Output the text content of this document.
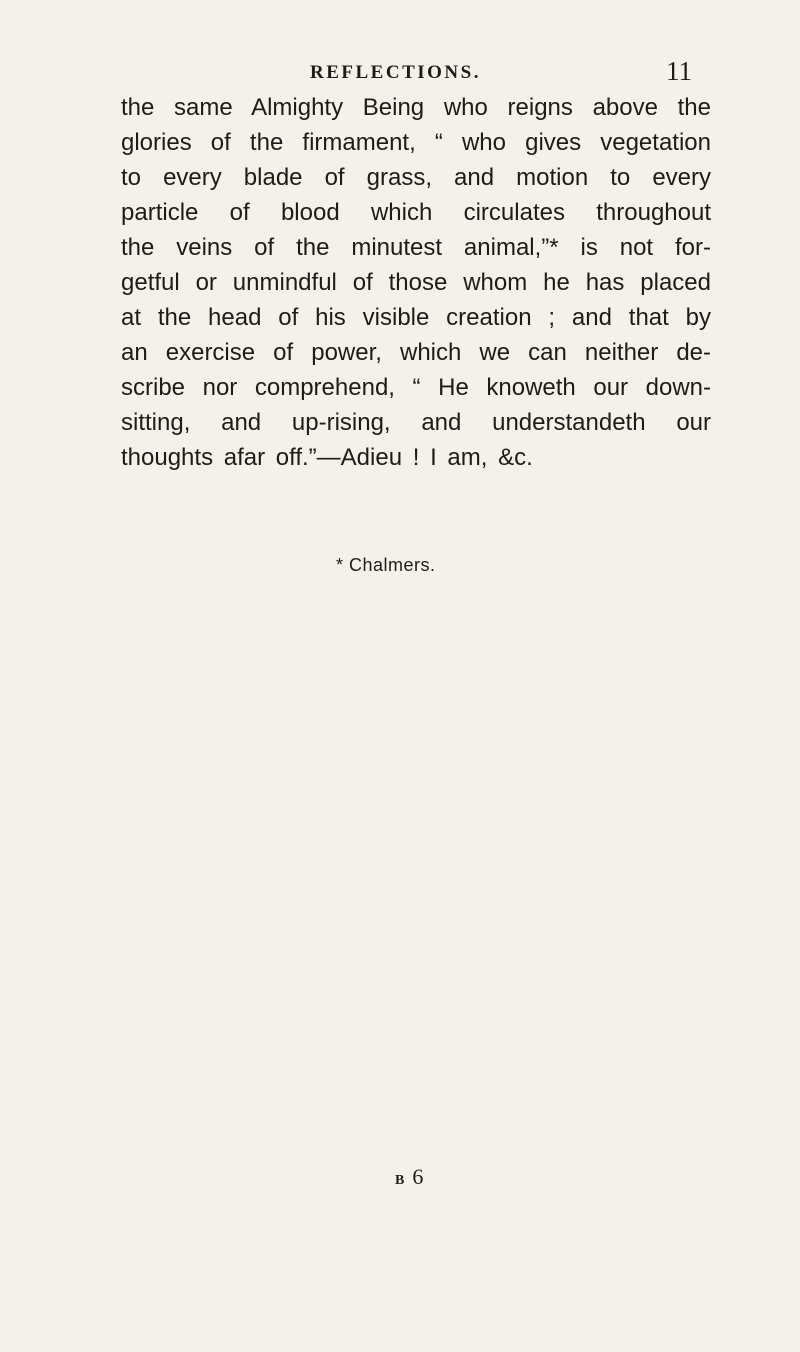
REFLECTIONS.	11
the same Almighty Being who reigns above the
glories of the firmament, “ who gives vegetation
to every blade of grass, and motion to every
particle of blood which circulates throughout
the veins of the minutest animal,”* is not for-
getful or unmindful of those whom he has placed
at the head of his visible creation ; and that by
an exercise of power, which we can neither de-
scribe nor comprehend, “ He knoweth our down-
sitting, and up-rising, and understandeth our
thoughts afar off.”—Adieu ! I am, &c.
* Chalmers.
B 6
